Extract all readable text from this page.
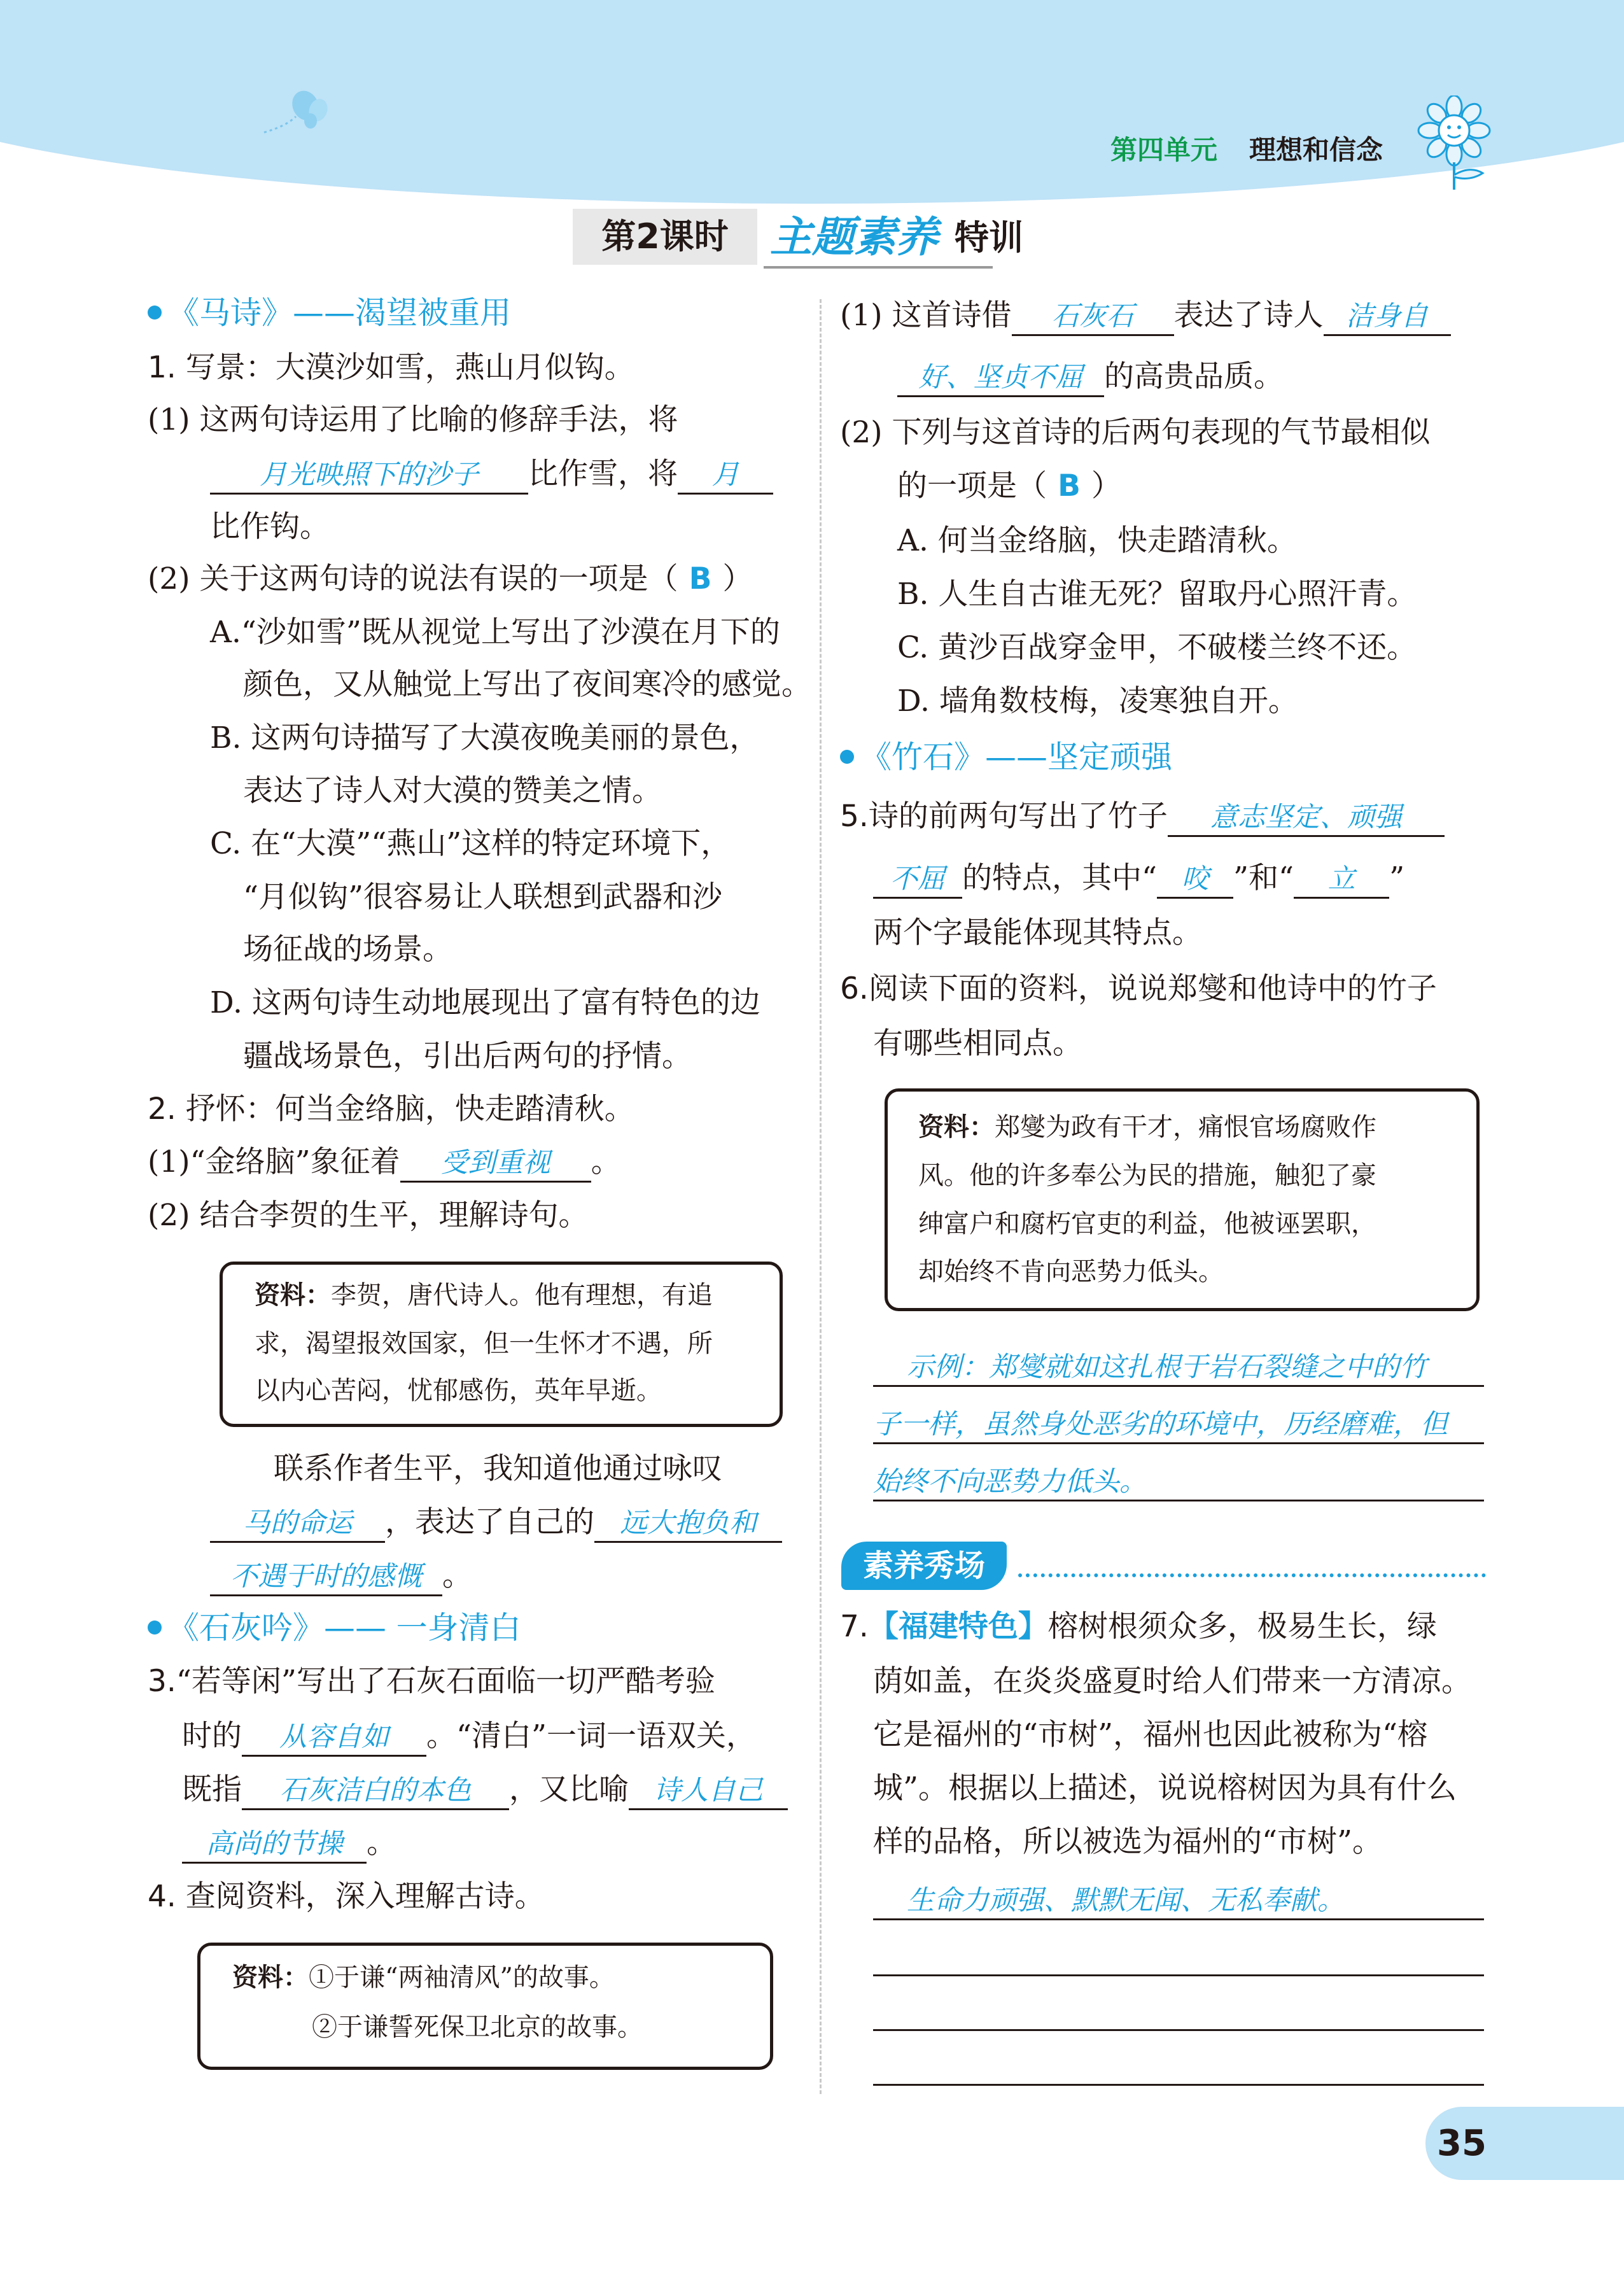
第四单元 理想和信念
第2课时 主题素养 特训
《马诗》——渴望被重用
1. 写景：大漠沙如雪，燕山月似钩。
(1) 这两句诗运用了比喻的修辞手法，将
月光映照下的沙子 比作雪，将 月
比作钩。
(2) 关于这两句诗的说法有误的一项是（ B ）
A.“沙如雪”既从视觉上写出了沙漠在月下的
颜色，又从触觉上写出了夜间寒冷的感觉。
B. 这两句诗描写了大漠夜晚美丽的景色，
表达了诗人对大漠的赞美之情。
C. 在“大漠”“燕山”这样的特定环境下，
“月似钩”很容易让人联想到武器和沙
场征战的场景。
D. 这两句诗生动地展现出了富有特色的边
疆战场景色，引出后两句的抒情。
2. 抒怀：何当金络脑，快走踏清秋。
(1)“金络脑”象征着 受到重视 。
(2) 结合李贺的生平，理解诗句。
资料：李贺，唐代诗人。他有理想，有追
求，渴望报效国家，但一生怀才不遇，所
以内心苦闷，忧郁感伤，英年早逝。
联系作者生平，我知道他通过咏叹
马的命运 ，表达了自己的 远大抱负和
不遇于时的感慨 。
《石灰吟》—— 一身清白
3.“若等闲”写出了石灰石面临一切严酷考验
时的 从容自如 。“清白”一词一语双关，
既指 石灰洁白的本色 ，又比喻 诗人自己
高尚的节操 。
4. 查阅资料，深入理解古诗。
资料：①于谦“两袖清风”的故事。
②于谦誓死保卫北京的故事。
(1) 这首诗借 石灰石 表达了诗人 洁身自
好、坚贞不屈 的高贵品质。
(2) 下列与这首诗的后两句表现的气节最相似
的一项是（ B ）
A. 何当金络脑，快走踏清秋。
B. 人生自古谁无死？留取丹心照汗青。
C. 黄沙百战穿金甲，不破楼兰终不还。
D. 墙角数枝梅，凌寒独自开。
《竹石》——坚定顽强
5.诗的前两句写出了竹子 意志坚定、顽强
不屈 的特点，其中“ 咬 ”和“ 立 ”
两个字最能体现其特点。
6.阅读下面的资料，说说郑燮和他诗中的竹子
有哪些相同点。
资料：郑燮为政有干才，痛恨官场腐败作
风。他的许多奉公为民的措施，触犯了豪
绅富户和腐朽官吏的利益，他被诬罢职，
却始终不肯向恶势力低头。
示例：郑燮就如这扎根于岩石裂缝之中的竹
子一样，虽然身处恶劣的环境中，历经磨难，但
始终不向恶势力低头。
素养秀场
7.【福建特色】榕树根须众多，极易生长，绿
荫如盖，在炎炎盛夏时给人们带来一方清凉。
它是福州的“市树”，福州也因此被称为“榕
城”。根据以上描述，说说榕树因为具有什么
样的品格，所以被选为福州的“市树”。
生命力顽强、默默无闻、无私奉献。
35
